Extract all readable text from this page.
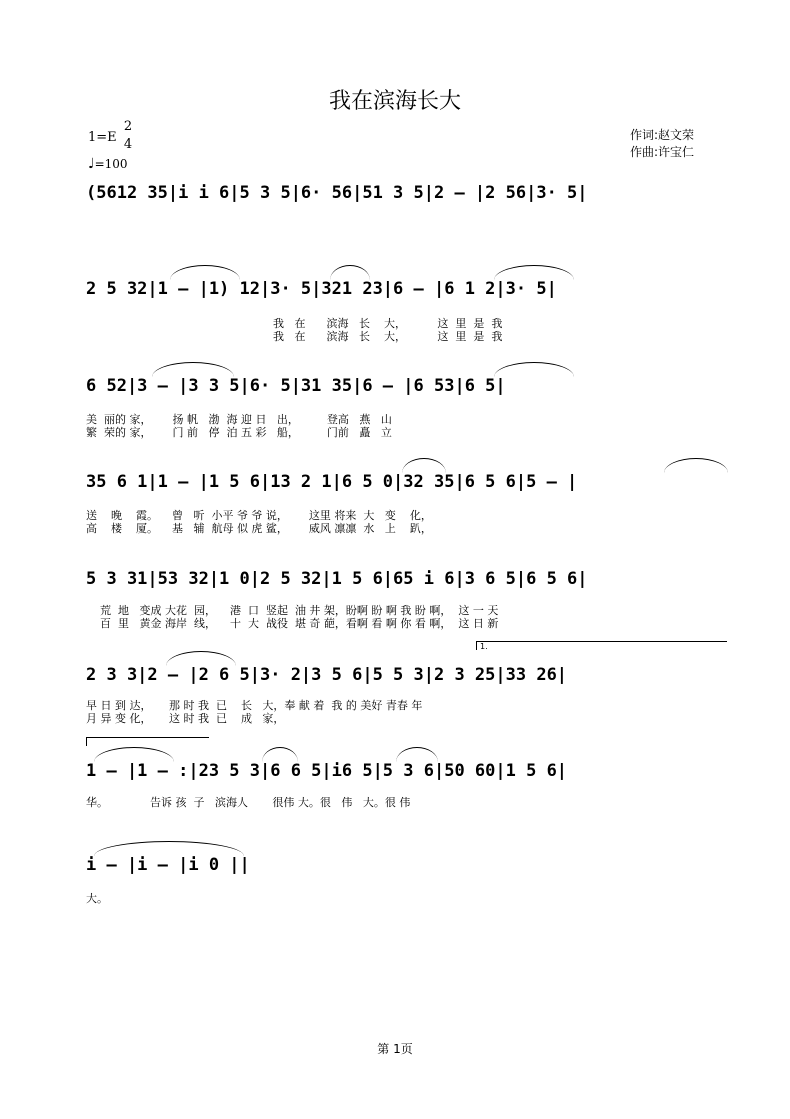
我在滨海长大
1=E
2
4
♩=100
作词:赵文荣
作曲:许宝仁
(5612 35|i i 6|5 3 5|6· 56|51 3 5|2 — |2 56|3· 5|
2 5 32|1 — |1) 12|3· 5|321 23|6 — |6 1 2|3· 5|
我   在      滨海   长    大，         这  里  是  我
我   在      滨海   长    大，         这  里  是  我
6 52|3 — |3 3 5|6· 5|31 35|6 — |6 53|6 5|
美  丽的 家，      扬 帆   渤  海 迎 日   出，        登高   燕   山
繁  荣的 家，      门 前   停  泊 五 彩   船，        门前   矗   立
35 6 1|1 — |1 5 6|13 2 1|6 5 0|32 35|6 5 6|5 — |
送    晚    霞。    曾   听  小平 爷 爷 说，      这里 将来  大   变    化，
高    楼    厦。    基   辅  航母 似 虎 鲨，      威风 凛凛  水   上    趴，
5 3 31|53 32|1 0|2 5 32|1 5 6|65 i 6|3 6 5|6 5 6|
荒  地   变成 大花  园，    港  口  竖起  油 井 架，盼啊 盼 啊 我 盼 啊，  这 一 天
百  里   黄金 海岸  线，    十  大  战役  堪 奇 葩，看啊 看 啊 你 看 啊，  这 日 新
1.
2 3 3|2 — |2 6 5|3· 2|3 5 6|5 5 3|2 3 25|33 26|
早 日 到 达，     那 时 我  已    长   大，奉 献 着  我 的 美好 青春 年
月 异 变 化，     这 时 我  已    成   家，
1 — |1 — :|23 5 3|6 6 5|i6 5|5 3 6|50 60|1 5 6|
华。            告诉 孩  子   滨海人       很伟 大。很   伟   大。很 伟
i — |i — |i 0 ||
大。
第 1页
